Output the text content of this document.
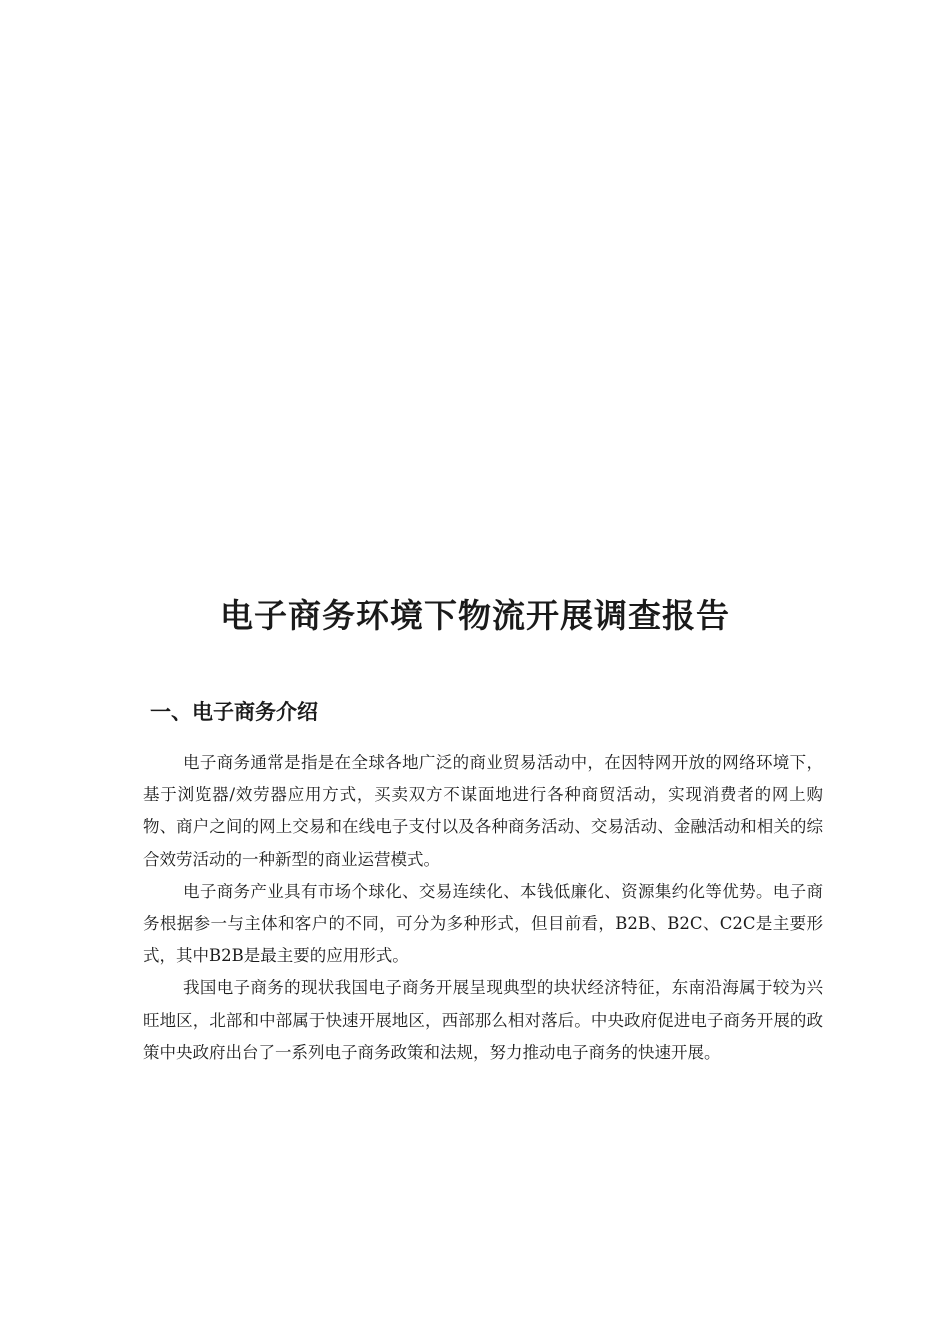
电子商务环境下物流开展调查报告
一、电子商务介绍

电子商务通常是指是在全球各地广泛的商业贸易活动中，在因特网开放的网络环境下，基于浏览器/效劳器应用方式，买卖双方不谋面地进行各种商贸活动，实现消费者的网上购物、商户之间的网上交易和在线电子支付以及各种商务活动、交易活动、金融活动和相关的综合效劳活动的一种新型的商业运营模式。

电子商务产业具有市场个球化、交易连续化、本钱低廉化、资源集约化等优势。电子商务根据参一与主体和客户的不同，可分为多种形式，但目前看，B2B、B2C、C2C是主要形式，其中B2B是最主要的应用形式。

我国电子商务的现状我国电子商务开展呈现典型的块状经济特征，东南沿海属于较为兴旺地区，北部和中部属于快速开展地区，西部那么相对落后。中央政府促进电子商务开展的政策中央政府出台了一系列电子商务政策和法规，努力推动电子商务的快速开展。
